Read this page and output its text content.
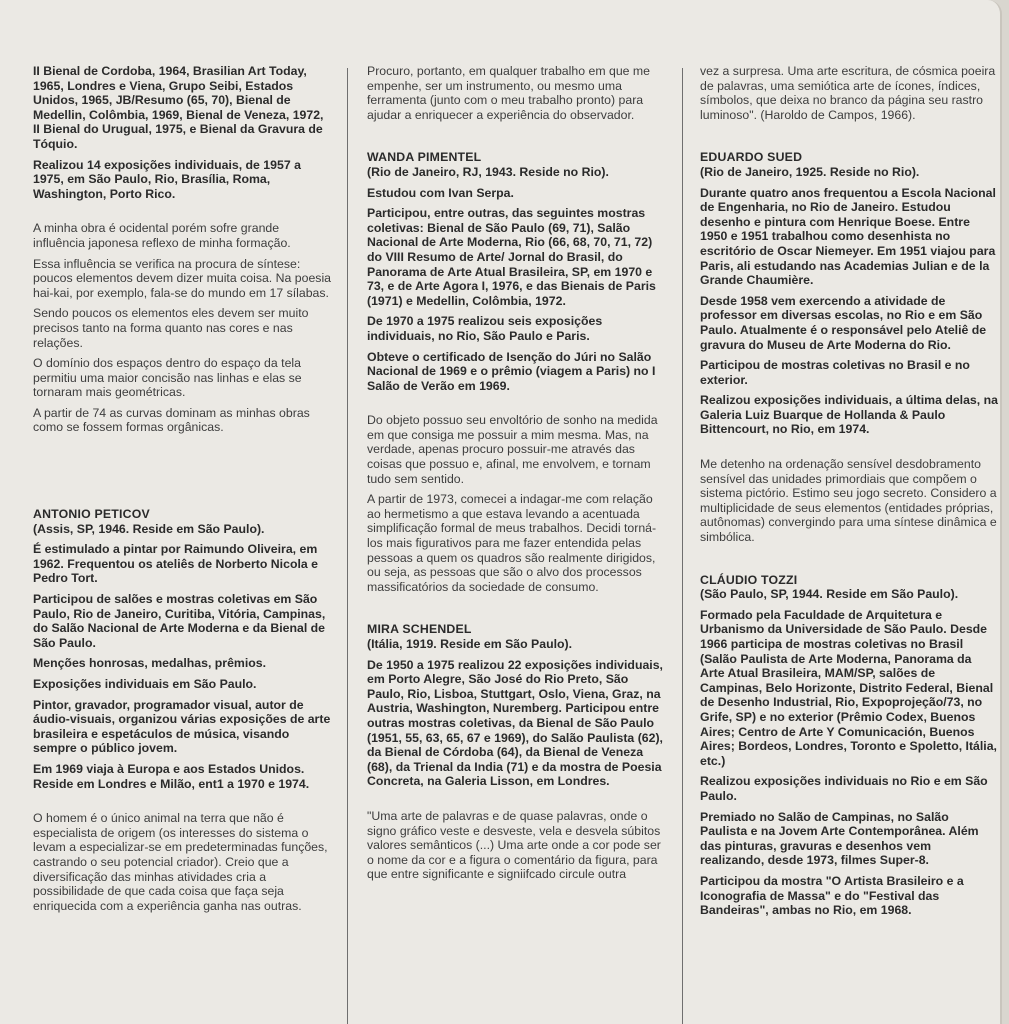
II Bienal de Cordoba, 1964, Brasilian Art Today, 1965, Londres e Viena, Grupo Seibi, Estados Unidos, 1965, JB/Resumo (65, 70), Bienal de Medellin, Colômbia, 1969, Bienal de Veneza, 1972, II Bienal do Urugual, 1975, e Bienal da Gravura de Tóquio.

Realizou 14 exposições individuais, de 1957 a 1975, em São Paulo, Rio, Brasília, Roma, Washington, Porto Rico.

A minha obra é ocidental porém sofre grande influência japonesa reflexo de minha formação.

Essa influência se verifica na procura de síntese: poucos elementos devem dizer muita coisa. Na poesia hai-kai, por exemplo, fala-se do mundo em 17 sílabas.

Sendo poucos os elementos eles devem ser muito precisos tanto na forma quanto nas cores e nas relações.

O domínio dos espaços dentro do espaço da tela permitiu uma maior concisão nas linhas e elas se tornaram mais geométricas.

A partir de 74 as curvas dominam as minhas obras como se fossem formas orgânicas.

ANTONIO PETICOV

(Assis, SP, 1946. Reside em São Paulo).

É estimulado a pintar por Raimundo Oliveira, em 1962. Frequentou os ateliês de Norberto Nicola e Pedro Tort.

Participou de salões e mostras coletivas em São Paulo, Rio de Janeiro, Curitiba, Vitória, Campinas, do Salão Nacional de Arte Moderna e da Bienal de São Paulo.

Menções honrosas, medalhas, prêmios.

Exposições individuais em São Paulo.

Pintor, gravador, programador visual, autor de áudio-visuais, organizou várias exposições de arte brasileira e espetáculos de música, visando sempre o público jovem.

Em 1969 viaja à Europa e aos Estados Unidos. Reside em Londres e Milão, ent1 a 1970 e 1974.

O homem é o único animal na terra que não é especialista de origem (os interesses do sistema o levam a especializar-se em predeterminadas funções, castrando o seu potencial criador). Creio que a diversificação das minhas atividades cria a possibilidade de que cada coisa que faça seja enriquecida com a experiência ganha nas outras.

Procuro, portanto, em qualquer trabalho em que me empenhe, ser um instrumento, ou mesmo uma ferramenta (junto com o meu trabalho pronto) para ajudar a enriquecer a experiência do observador.

WANDA PIMENTEL

(Rio de Janeiro, RJ, 1943. Reside no Rio).

Estudou com Ivan Serpa.

Participou, entre outras, das seguintes mostras coletivas: Bienal de São Paulo (69, 71), Salão Nacional de Arte Moderna, Rio (66, 68, 70, 71, 72) do VIII Resumo de Arte/ Jornal do Brasil, do Panorama de Arte Atual Brasileira, SP, em 1970 e 73, e de Arte Agora I, 1976, e das Bienais de Paris (1971) e Medellin, Colômbia, 1972.

De 1970 a 1975 realizou seis exposições individuais, no Rio, São Paulo e Paris.

Obteve o certificado de Isenção do Júri no Salão Nacional de 1969 e o prêmio (viagem a Paris) no I Salão de Verão em 1969.

Do objeto possuo seu envoltório de sonho na medida em que consiga me possuir a mim mesma. Mas, na verdade, apenas procuro possuir-me através das coisas que possuo e, afinal, me envolvem, e tornam tudo sem sentido.

A partir de 1973, comecei a indagar-me com relação ao hermetismo a que estava levando a acentuada simplificação formal de meus trabalhos. Decidi torná-los mais figurativos para me fazer entendida pelas pessoas a quem os quadros são realmente dirigidos, ou seja, as pessoas que são o alvo dos processos massificatórios da sociedade de consumo.

MIRA SCHENDEL

(Itália, 1919. Reside em São Paulo).

De 1950 a 1975 realizou 22 exposições individuais, em Porto Alegre, São José do Rio Preto, São Paulo, Rio, Lisboa, Stuttgart, Oslo, Viena, Graz, na Austria, Washington, Nuremberg. Participou entre outras mostras coletivas, da Bienal de São Paulo (1951, 55, 63, 65, 67 e 1969), do Salão Paulista (62), da Bienal de Córdoba (64), da Bienal de Veneza (68), da Trienal da India (71) e da mostra de Poesia Concreta, na Galeria Lisson, em Londres.

"Uma arte de palavras e de quase palavras, onde o signo gráfico veste e desveste, vela e desvela súbitos valores semânticos (...) Uma arte onde a cor pode ser o nome da cor e a figura o comentário da figura, para que entre significante e signiifcado circule outra

vez a surpresa. Uma arte escritura, de cósmica poeira de palavras, uma semiótica arte de ícones, índices, símbolos, que deixa no branco da página seu rastro luminoso". (Haroldo de Campos, 1966).

EDUARDO SUED

(Rio de Janeiro, 1925. Reside no Rio).

Durante quatro anos frequentou a Escola Nacional de Engenharia, no Rio de Janeiro. Estudou desenho e pintura com Henrique Boese. Entre 1950 e 1951 trabalhou como desenhista no escritório de Oscar Niemeyer. Em 1951 viajou para Paris, ali estudando nas Academias Julian e de la Grande Chaumière.

Desde 1958 vem exercendo a atividade de professor em diversas escolas, no Rio e em São Paulo. Atualmente é o responsável pelo Ateliê de gravura do Museu de Arte Moderna do Rio.

Participou de mostras coletivas no Brasil e no exterior.

Realizou exposições individuais, a última delas, na Galeria Luiz Buarque de Hollanda & Paulo Bittencourt, no Rio, em 1974.

Me detenho na ordenação sensível desdobramento sensível das unidades primordiais que compõem o sistema pictório. Estimo seu jogo secreto. Considero a multiplicidade de seus elementos (entidades próprias, autônomas) convergindo para uma síntese dinâmica e simbólica.

CLÁUDIO TOZZI

(São Paulo, SP, 1944. Reside em São Paulo).

Formado pela Faculdade de Arquitetura e Urbanismo da Universidade de São Paulo. Desde 1966 participa de mostras coletivas no Brasil (Salão Paulista de Arte Moderna, Panorama da Arte Atual Brasileira, MAM/SP, salões de Campinas, Belo Horizonte, Distrito Federal, Bienal de Desenho Industrial, Rio, Expoprojeção/73, no Grife, SP) e no exterior (Prêmio Codex, Buenos Aires; Centro de Arte Y Comunicación, Buenos Aires; Bordeos, Londres, Toronto e Spoletto, Itália, etc.)

Realizou exposições individuais no Rio e em São Paulo.

Premiado no Salão de Campinas, no Salão Paulista e na Jovem Arte Contemporânea. Além das pinturas, gravuras e desenhos vem realizando, desde 1973, filmes Super-8.

Participou da mostra "O Artista Brasileiro e a Iconografia de Massa" e do "Festival das Bandeiras", ambas no Rio, em 1968.
